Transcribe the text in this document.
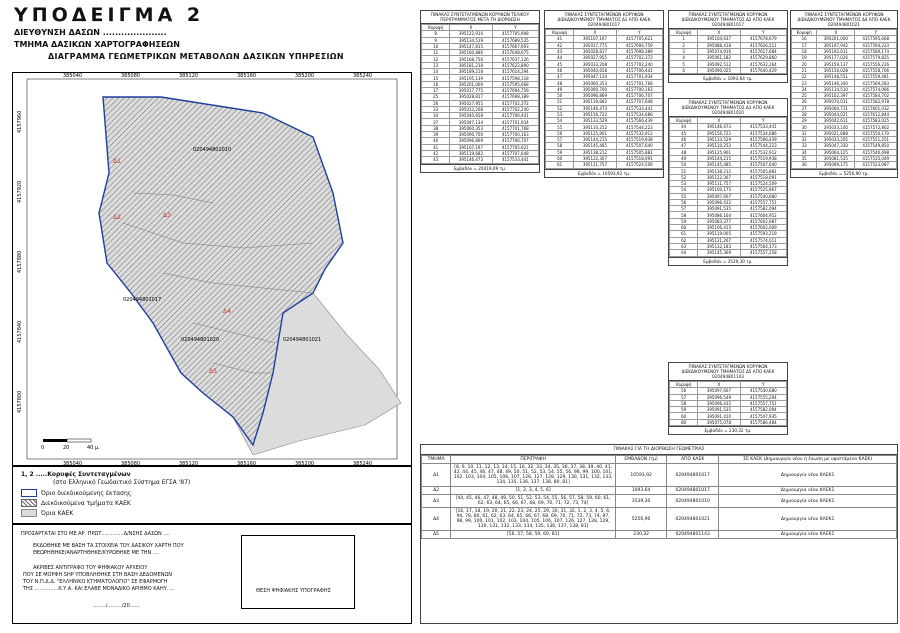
ΥΠΟΔΕΙΓΜΑ 2
ΔΙΕΥΘΥΝΣΗ ΔΑΣΩΝ .....................
ΤΜΗΜΑ ΔΑΣΙΚΩΝ ΧΑΡΤΟΓΡΑΦΗΣΕΩΝ
ΔΙΑΓΡΑΜΜΑ ΓΕΩΜΕΤΡΙΚΩΝ ΜΕΤΑΒΟΛΩΝ ΔΑΣΙΚΩΝ ΥΠΗΡΕΣΙΩΝ
385040	385080	385120	385160	385200	385240
385040	385080	385120	385160	385200	385240
4157960
4157920
4157880
4157840
4157800
020494801010
020494801017
020494801020	020494801021
Δ1
Δ2	Δ3
Δ4
Δ5
0	20	40 μ.
1, 2 .....Κορυφές Συντεταγμένων
(στο Ελληνικό Γεωδαιτικό Σύστημα ΕΓΣΑ '87)
Όριο διεκδικούμενης έκτασης
Διεκδικούμενα τμήματα ΚΑΕΚ
Όρια ΚΑΕΚ
ΠΡΟΣΑΡΤΑΤΑΙ ΣΤΟ ΜΕ ΑΡ. ΠΡΩΤ..............Δ/ΝΣΗΣ ΔΑΣΩΝ ....
ΕΚΔΟΘΗΚΕ ΜΕ ΒΑΣΗ ΤΑ ΣΤΟΙΧΕΙΑ ΤΟΥ ΔΑΣΙΚΟΥ ΧΑΡΤΗ ΠΟΥ
ΘΕΩΡΗΘΗΚΕ/ΑΝΑΡΤΗΘΗΚΕ/ΚΥΡΩΘΗΚΕ ΜΕ ΤΗΝ ....
ΑΚΡΙΒΕΣ ΑΝΤΙΓΡΑΦΟ ΤΟΥ ΨΗΦΙΑΚΟΥ ΑΡΧΕΙΟΥ
ΠΟΥ ΣΕ ΜΟΡΦΗ SHP ΥΠΟΒΛΗΘΗΚΕ ΣΤΗ ΒΑΣΗ ΔΕΔΟΜΕΝΩΝ
ΤΟΥ Ν.Π.Δ.Δ. "ΕΛΛΗΝΙΚΟ ΚΤΗΜΑΤΟΛΟΓΙΟ" ΣΕ ΕΦΑΡΜΟΓΗ
ΤΗΣ ...............Κ.Υ.Α. ΚΑΙ ΕΛΑΒΕ ΜΟΝΑΔΙΚΟ ΑΡΙΘΜΟ ΚΑΗΥ.....
......../........./20......
ΘΕΣΗ ΨΗΦΙΑΚΗΣ ΥΠΟΓΡΑΦΗΣ
ΠΙΝΑΚΑΣ ΣΥΝΤΕΤΑΓΜΕΝΩΝ ΚΟΡΥΦΩΝ ΤΕΛΙΚΟΥ ΠΕΡΙΓΡΑΜΜΑΤΟΣ ΜΕΤΑ ΤΗ ΔΙΟΡΘΩΣΗ
Κορυφή	X	Y
8	395122,910	4157705,908
9	395134,519	4157689,535
10	395147,815	4157667,693
11	395160,886	4157648,675
12	395168,756	4157637,126
13	395181,218	4157622,890
14	395189,218	4157614,294
15	395195,139	4157598,118
16	395201,000	4157595,668
17	395017,775	4157694,759
25	395028,817	4157698,389
26	395027,955	4157702,372
33	395033,208	4157702,240
34	395040,658	4157706,441
37	395047,134	4157701,934
38	395060,353	4157701,768
39	395090,700	4157700,163
40	395096,869	4157706,707
41	395107,197	4157705,621
42	395119,682	4157707,648
43	395146,473	4157533,441
Εμβαδόν = 20419,09 τμ.
ΠΙΝΑΚΑΣ ΣΥΝΤΕΤΑΓΜΕΝΩΝ ΚΟΡΥΦΩΝ ΔΙΕΚΔΙΚΟΥΜΕΝΟΥ ΤΜΗΜΑΤΟΣ Δ1 ΑΠΟ ΚΑΕΚ 020494801017
Κορυφή	X	Y
41	395107,197	4157705,621
42	395017,775	4157694,759
43	395028,817	4157698,389
44	395027,955	4157702,372
45	395033,208	4157702,240
46	395040,658	4157706,441
47	395047,134	4157701,934
48	395060,353	4157701,768
49	395090,700	4157700,163
50	395096,869	4157706,707
51	395119,682	4157707,648
52	395146,473	4157533,441
53	395156,722	4157534,686
54	395133,529	4157566,439
55	395110,252	4157544,223
56	395125,901	4157532,912
57	395144,215	4157519,938
58	395145,485	4157507,640
59	395138,212	4157505,881
60	395122,307	4157518,091
61	395111,757	4157524,509
Εμβαδόν = 10593,92 τμ.
ΠΙΝΑΚΑΣ ΣΥΝΤΕΤΑΓΜΕΝΩΝ ΚΟΡΥΦΩΝ ΔΙΕΚΔΙΚΟΥΜΕΝΟΥ ΤΜΗΜΑΤΟΣ Δ2 ΑΠΟ ΚΑΕΚ 020494801017
Κορυφή	X	Y
1	395104,637	4157678,679
2	395088,418	4157626,511
3	395074,916	4157617,684
4	395061,182	4157629,860
5	395092,512	4157632,264
6	395090,025	4157640,429
Εμβαδόν = 1093,64 τμ.
ΠΙΝΑΚΑΣ ΣΥΝΤΕΤΑΓΜΕΝΩΝ ΚΟΡΥΦΩΝ ΔΙΕΚΔΙΚΟΥΜΕΝΟΥ ΤΜΗΜΑΤΟΣ Δ3 ΑΠΟ ΚΑΕΚ 020494801010
Κορυφή	X	Y
44	395146,473	4157533,441
45	395156,722	4157534,686
46	395133,529	4157566,439
47	395110,252	4157544,223
48	395125,901	4157532,912
49	395144,215	4157519,938
50	395145,485	4157507,640
51	395138,212	4157505,881
52	395122,307	4157518,091
53	395111,757	4157524,509
54	395100,175	4157525,967
55	395097,607	4157540,680
56	395096,432	4157557,751
57	395091,535	4157582,094
58	395086,164	4157604,952
59	395083,377	4157602,987
60	395106,413	4157602,009
61	395119,005	4157593,219
62	395121,267	4157574,011
63	395132,183	4157564,173
64	395145,369	4157557,258
Εμβαδόν = 3539,30 τμ.
ΠΙΝΑΚΑΣ ΣΥΝΤΕΤΑΓΜΕΝΩΝ ΚΟΡΥΦΩΝ ΔΙΕΚΔΙΚΟΥΜΕΝΟΥ ΤΜΗΜΑΤΟΣ Δ5 ΑΠΟ ΚΑΕΚ 020494801143
Κορυφή	X	Y
56	395097,607	4157540,680
57	395096,549	4157555,294
58	395096,432	4157557,751
59	395091,535	4157582,094
60	395091,410	4157547,935
80	395075,078	4157586,484
Εμβαδόν = 230,32 τμ.
ΠΙΝΑΚΑΣ ΣΥΝΤΕΤΑΓΜΕΝΩΝ ΚΟΡΥΦΩΝ ΔΙΕΚΔΙΚΟΥΜΕΝΟΥ ΤΜΗΜΑΤΟΣ Δ4 ΑΠΟ ΚΑΕΚ 020494801021
Κορυφή	X	Y
16	395201,000	4157595,668
17	395197,942	4157594,223
18	395192,011	4157589,174
19	395177,026	4157579,825
20	395159,137	4157556,226
21	395156,028	4157558,706
22	395148,551	4157559,481
23	395146,340	4157569,283
24	395114,510	4157574,066
25	395102,397	4157584,702
26	395070,011	4157582,978
27	395060,711	4157601,032
28	395044,021	4157612,844
29	395042,611	4157583,025
30	395033,140	4157572,802
31	395021,688	4157550,170
32	395033,205	4157551,251
33	395047,330	4157549,850
34	395064,125	4157540,698
35	395081,535	4157535,049
36	395099,175	4157523,087
Εμβαδόν = 5256,90 τμ.
ΠΙΝΑΚΑΣ ΓΙΑ ΤΗ ΔΙΟΡΘΩΣΗ ΓΕΩΜΕΤΡΙΑΣ
ΤΜΗΜΑ	ΠΕΡΙΓΡΑΦΗ	ΕΜΒΑΔΟΝ (τμ)	ΑΠΟ ΚΑΕΚ	ΣΕ ΚΑΕΚ (Δημιουργία νέου ή ένωση με υφιστάμενο ΚΑΕΚ)
Δ1	[8, 9, 10, 11, 12, 13, 14, 15, 16, 32, 33, 34, 35, 36, 37, 38, 39, 40, 41, 42, 44, 45, 46, 47, 48, 49, 50, 51, 52, 53, 54, 55, 56, 98, 99, 100, 101, 102, 103, 104, 105, 106, 107, 126, 127, 128, 129, 130, 131, 132, 133, 134, 135, 136, 137, 138, 80, 81]	10593,92	020494801017	Δημιουργία νέου ΚΑΕΚ1
Δ2	[1, 2, 3, 4, 5, 6]	1093,64	020494801017	Δημιουργία νέου ΚΑΕΚ1
Δ3	[44, 45, 46, 47, 48, 49, 50, 51, 52, 53, 54, 55, 56, 57, 58, 59, 60, 61, 62, 63, 64, 65, 66, 67, 68, 69, 70, 71, 72, 73, 74]	3539,30	020494801010	Δημιουργία νέου ΚΑΕΚ1
Δ4	[16, 17, 18, 19, 20, 21, 22, 23, 24, 25, 29, 30, 31, 32, 1, 2, 3, 4, 5, 6, 94, 78, 80, 61, 62, 63, 64, 65, 66, 67, 68, 69, 70, 71, 72, 73, 74, 97, 98, 99, 100, 101, 102, 103, 104, 105, 106, 107, 126, 127, 128, 129, 130, 131, 132, 133, 134, 135, 136, 137, 138, 81]	5256,90	020494801021	Δημιουργία νέου ΚΑΕΚ1
Δ5	[56, 57, 58, 59, 60, 81]	230,32	020494801143	Δημιουργία νέου ΚΑΕΚ1
